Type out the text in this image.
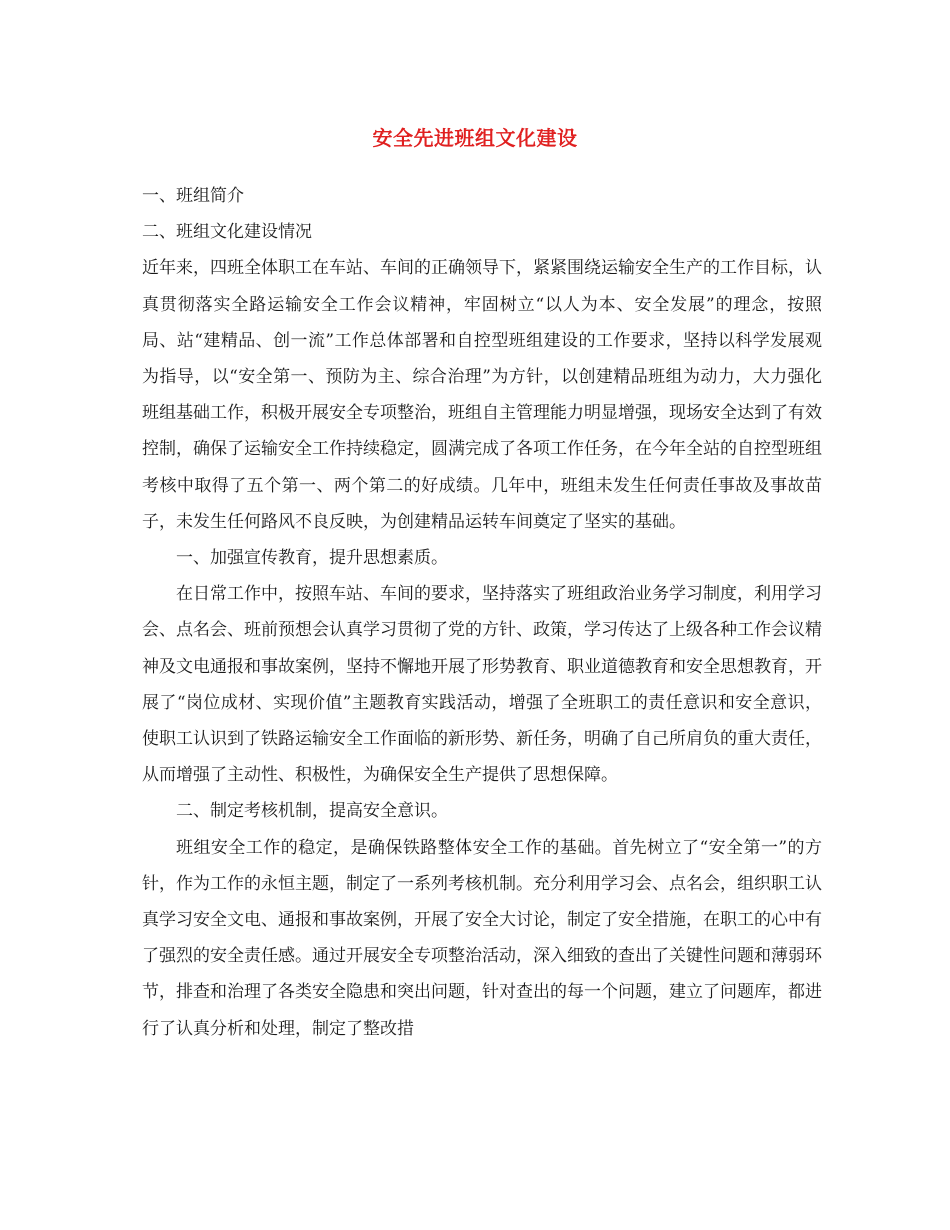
安全先进班组文化建设

一、班组简介

二、班组文化建设情况

近年来，四班全体职工在车站、车间的正确领导下，紧紧围绕运输安全生产的工作目标，认真贯彻落实全路运输安全工作会议精神，牢固树立“以人为本、安全发展”的理念，按照局、站“建精品、创一流”工作总体部署和自控型班组建设的工作要求，坚持以科学发展观为指导，以“安全第一、预防为主、综合治理”为方针，以创建精品班组为动力，大力强化班组基础工作，积极开展安全专项整治，班组自主管理能力明显增强，现场安全达到了有效控制，确保了运输安全工作持续稳定，圆满完成了各项工作任务，在今年全站的自控型班组考核中取得了五个第一、两个第二的好成绩。几年中，班组未发生任何责任事故及事故苗子，未发生任何路风不良反映，为创建精品运转车间奠定了坚实的基础。

一、加强宣传教育，提升思想素质。

在日常工作中，按照车站、车间的要求，坚持落实了班组政治业务学习制度，利用学习会、点名会、班前预想会认真学习贯彻了党的方针、政策，学习传达了上级各种工作会议精神及文电通报和事故案例，坚持不懈地开展了形势教育、职业道德教育和安全思想教育，开展了“岗位成材、实现价值”主题教育实践活动，增强了全班职工的责任意识和安全意识，使职工认识到了铁路运输安全工作面临的新形势、新任务，明确了自己所肩负的重大责任，从而增强了主动性、积极性，为确保安全生产提供了思想保障。

二、制定考核机制，提高安全意识。

班组安全工作的稳定，是确保铁路整体安全工作的基础。首先树立了“安全第一”的方针，作为工作的永恒主题，制定了一系列考核机制。充分利用学习会、点名会，组织职工认真学习安全文电、通报和事故案例，开展了安全大讨论，制定了安全措施，在职工的心中有了强烈的安全责任感。通过开展安全专项整治活动，深入细致的查出了关键性问题和薄弱环节，排查和治理了各类安全隐患和突出问题，针对查出的每一个问题，建立了问题库，都进行了认真分析和处理，制定了整改措
